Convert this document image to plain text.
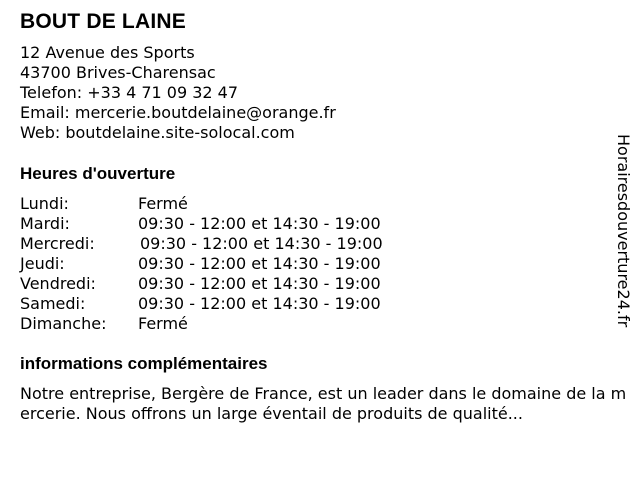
BOUT DE LAINE
12 Avenue des Sports
43700 Brives-Charensac
Telefon: +33 4 71 09 32 47
Email: mercerie.boutdelaine@orange.fr
Web: boutdelaine.site-solocal.com
Heures d'ouverture
Lundi:	Fermé
Mardi:	09:30 - 12:00 et 14:30 - 19:00
Mercredi:	09:30 - 12:00 et 14:30 - 19:00
Jeudi:	09:30 - 12:00 et 14:30 - 19:00
Vendredi:	09:30 - 12:00 et 14:30 - 19:00
Samedi:	09:30 - 12:00 et 14:30 - 19:00
Dimanche: Fermé
informations complémentaires
Notre entreprise, Bergère de France, est un leader dans le domaine de la mercerie. Nous offrons un large éventail de produits de qualité...
Horairesdouverture24.fr
